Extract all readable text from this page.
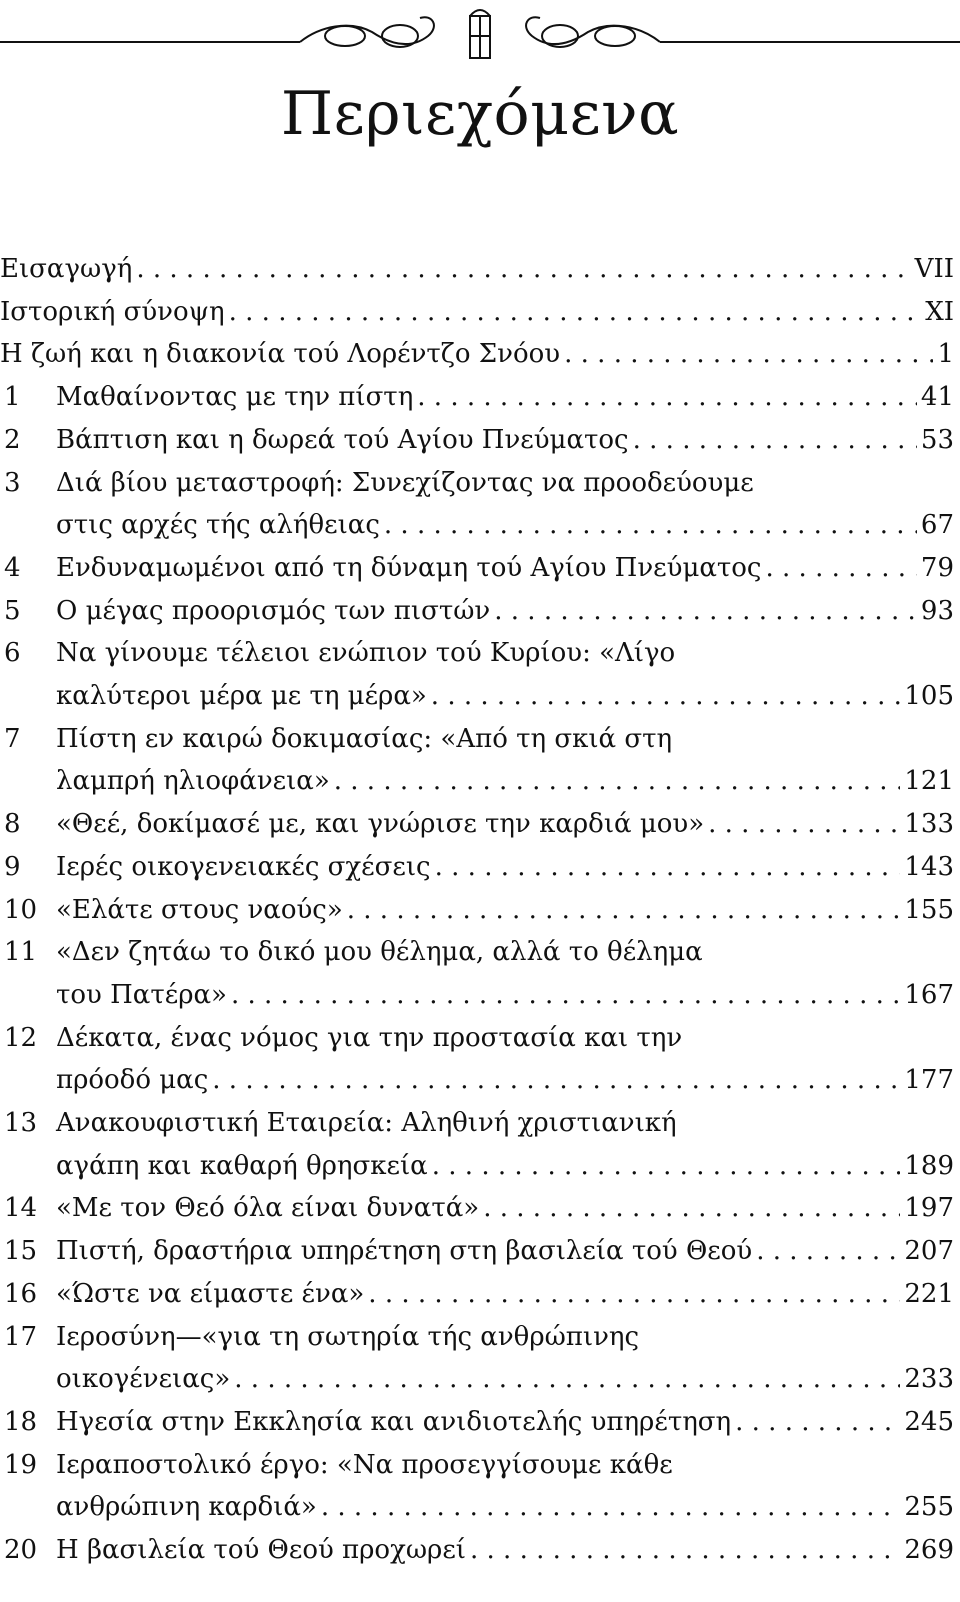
Περιεχόμενα
Εισαγωγή . . .	VII
Ιστορική σύνοψη . . .	XI
Η ζωή και η διακονία τού Λορέντζο Σνόου . . .	1
1	Μαθαίνοντας με την πίστη . . .	41
2	Βάπτιση και η δωρεά τού Αγίου Πνεύματος . . .	53
3	Διά βίου μεταστροφή: Συνεχίζοντας να προοδεύουμε
στις αρχές τής αλήθειας . . .	67
4	Ενδυναμωμένοι από τη δύναμη τού Αγίου Πνεύματος . . .	79
5	Ο μέγας προορισμός των πιστών . . .	93
6	Να γίνουμε τέλειοι ενώπιον τού Κυρίου: «Λίγο
καλύτεροι μέρα με τη μέρα» . . .	105
7	Πίστη εν καιρώ δοκιμασίας: «Από τη σκιά στη
λαμπρή ηλιοφάνεια» . . .	121
8	«Θεέ, δοκίμασέ με, και γνώρισε την καρδιά μου» . . .	133
9	Ιερές οικογενειακές σχέσεις . . .	143
10 «Ελάτε στους ναούς» . . .	155
11 «Δεν ζητάω το δικό μου θέλημα, αλλά το θέλημα
του Πατέρα» . . .	167
12 Δέκατα, ένας νόμος για την προστασία και την
πρόοδό μας . . .	177
13 Ανακουφιστική Εταιρεία: Αληθινή χριστιανική
αγάπη και καθαρή θρησκεία . . .	189
14 «Με τον Θεό όλα είναι δυνατά» . . .	197
15 Πιστή, δραστήρια υπηρέτηση στη βασιλεία τού Θεού . . .	207
16 «Ώστε να είμαστε ένα» . . .	221
17 Ιεροσύνη—«για τη σωτηρία τής ανθρώπινης
οικογένειας» . . .	233
18 Ηγεσία στην Εκκλησία και ανιδιοτελής υπηρέτηση . . .	245
19 Ιεραποστολικό έργο: «Να προσεγγίσουμε κάθε
ανθρώπινη καρδιά» . . .	255
20 Η βασιλεία τού Θεού προχωρεί . . .	269
